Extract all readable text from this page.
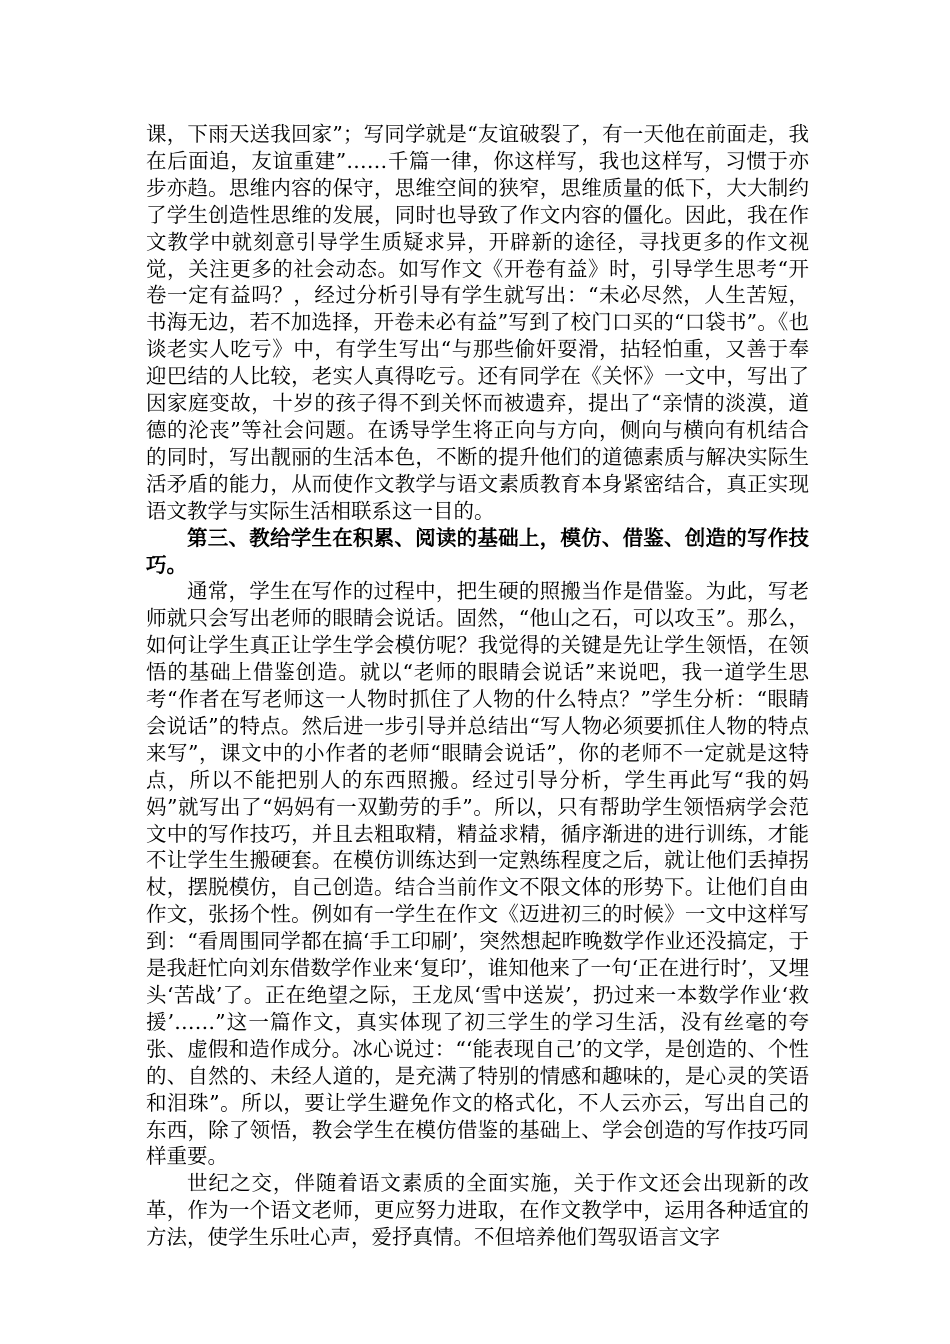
课，下雨天送我回家”；写同学就是“友谊破裂了，有一天他在前面走，我在后面追，友谊重建”……千篇一律，你这样写，我也这样写，习惯于亦步亦趋。思维内容的保守，思维空间的狭窄，思维质量的低下，大大制约了学生创造性思维的发展，同时也导致了作文内容的僵化。因此，我在作文教学中就刻意引导学生质疑求异，开辟新的途径，寻找更多的作文视觉，关注更多的社会动态。如写作文《开卷有益》时，引导学生思考“开卷一定有益吗？，经过分析引导有学生就写出：“未必尽然，人生苦短，书海无边，若不加选择，开卷未必有益”写到了校门口买的“口袋书”。《也谈老实人吃亏》中，有学生写出“与那些偷奸耍滑，拈轻怕重，又善于奉迎巴结的人比较，老实人真得吃亏。还有同学在《关怀》一文中，写出了因家庭变故，十岁的孩子得不到关怀而被遗弃，提出了“亲情的淡漠，道德的沦丧”等社会问题。在诱导学生将正向与方向，侧向与横向有机结合的同时，写出靓丽的生活本色，不断的提升他们的道德素质与解决实际生活矛盾的能力，从而使作文教学与语文素质教育本身紧密结合，真正实现语文教学与实际生活相联系这一目的。

第三、教给学生在积累、阅读的基础上，模仿、借鉴、创造的写作技巧。

通常，学生在写作的过程中，把生硬的照搬当作是借鉴。为此，写老师就只会写出老师的眼睛会说话。固然，“他山之石，可以攻玉”。那么，如何让学生真正让学生学会模仿呢？我觉得的关键是先让学生领悟，在领悟的基础上借鉴创造。就以“老师的眼睛会说话”来说吧，我一道学生思考“作者在写老师这一人物时抓住了人物的什么特点？”学生分析：“眼睛会说话”的特点。然后进一步引导并总结出“写人物必须要抓住人物的特点来写”，课文中的小作者的老师“眼睛会说话”，你的老师不一定就是这特点，所以不能把别人的东西照搬。经过引导分析，学生再此写“我的妈妈”就写出了“妈妈有一双勤劳的手”。所以，只有帮助学生领悟病学会范文中的写作技巧，并且去粗取精，精益求精，循序渐进的进行训练，才能不让学生生搬硬套。在模仿训练达到一定熟练程度之后，就让他们丢掉拐杖，摆脱模仿，自己创造。结合当前作文不限文体的形势下。让他们自由作文，张扬个性。例如有一学生在作文《迈进初三的时候》一文中这样写到：“看周围同学都在搞‘手工印刷’，突然想起昨晚数学作业还没搞定，于是我赶忙向刘东借数学作业来‘复印’，谁知他来了一句‘正在进行时’，又埋头‘苦战’了。正在绝望之际，王龙凤‘雪中送炭’，扔过来一本数学作业‘救援’……”这一篇作文，真实体现了初三学生的学习生活，没有丝毫的夸张、虚假和造作成分。冰心说过：“‘能表现自己’的文学，是创造的、个性的、自然的、未经人道的，是充满了特别的情感和趣味的，是心灵的笑语和泪珠”。所以，要让学生避免作文的格式化，不人云亦云，写出自己的东西，除了领悟，教会学生在模仿借鉴的基础上、学会创造的写作技巧同样重要。

世纪之交，伴随着语文素质的全面实施，关于作文还会出现新的改革，作为一个语文老师，更应努力进取，在作文教学中，运用各种适宜的方法，使学生乐吐心声，爱抒真情。不但培养他们驾驭语言文字
